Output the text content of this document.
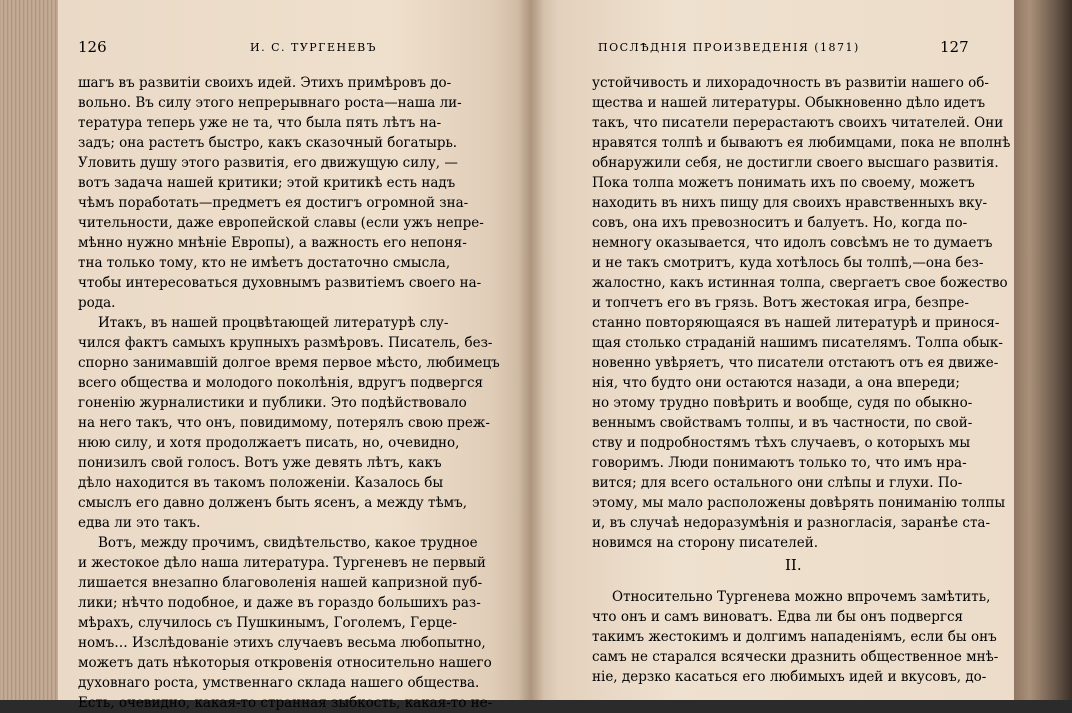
126	И. С. ТУРГЕНЕВЪ	ПОСЛѢДНІЯ ПРОИЗВЕДЕНІЯ (1871)	127
шагъ въ развитіи своихъ идей. Этихъ примѣровъ до-
вольно. Въ силу этого непрерывнаго роста—наша ли-
тература теперь уже не та, что была пять лѣтъ на-
задъ; она растетъ быстро, какъ сказочный богатырь.
Уловить душу этого развитія, его движущую силу, —
вотъ задача нашей критики; этой критикѣ есть надъ
чѣмъ поработать—предметъ ея достигъ огромной зна-
чительности, даже европейской славы (если ужъ непре-
мѣнно нужно мнѣніе Европы), а важность его непоня-
тна только тому, кто не имѣетъ достаточно смысла,
чтобы интересоваться духовнымъ развитіемъ своего на-
рода.
Итакъ, въ нашей процвѣтающей литературѣ слу-
чился фактъ самыхъ крупныхъ размѣровъ. Писатель, без-
спорно занимавшій долгое время первое мѣсто, любимецъ
всего общества и молодого поколѣнія, вдругъ подвергся
гоненію журналистики и публики. Это подѣйствовало
на него такъ, что онъ, повидимому, потерялъ свою преж-
нюю силу, и хотя продолжаетъ писать, но, очевидно,
понизилъ свой голосъ. Вотъ уже девять лѣтъ, какъ
дѣло находится въ такомъ положеніи. Казалось бы
смыслъ его давно долженъ быть ясенъ, а между тѣмъ,
едва ли это такъ.
Вотъ, между прочимъ, свидѣтельство, какое трудное
и жестокое дѣло наша литература. Тургеневъ не первый
лишается внезапно благоволенія нашей капризной пуб-
лики; нѣчто подобное, и даже въ гораздо большихъ раз-
мѣрахъ, случилось съ Пушкинымъ, Гоголемъ, Герце-
номъ… Изслѣдованіе этихъ случаевъ весьма любопытно,
можетъ дать нѣкоторыя откровенія относительно нашего
духовнаго роста, умственнаго склада нашего общества.
Есть, очевидно, какая-то странная зыбкость, какая-то не-
устойчивость и лихорадочность въ развитіи нашего об-
щества и нашей литературы. Обыкновенно дѣло идетъ
такъ, что писатели перерастаютъ своихъ читателей. Они
нравятся толпѣ и бываютъ ея любимцами, пока не вполнѣ
обнаружили себя, не достигли своего высшаго развитія.
Пока толпа можетъ понимать ихъ по своему, можетъ
находить въ нихъ пищу для своихъ нравственныхъ вку-
совъ, она ихъ превозноситъ и балуетъ. Но, когда по-
немногу оказывается, что идолъ совсѣмъ не то думаетъ
и не такъ смотритъ, куда хотѣлось бы толпѣ,—она без-
жалостно, какъ истинная толпа, свергаетъ свое божество
и топчетъ его въ грязь. Вотъ жестокая игра, безпре-
станно повторяющаяся въ нашей литературѣ и принося-
щая столько страданій нашимъ писателямъ. Толпа обык-
новенно увѣряетъ, что писатели отстаютъ отъ ея движе-
нія, что будто они остаются назади, а она впереди;
но этому трудно повѣрить и вообще, судя по обыкно-
веннымъ свойствамъ толпы, и въ частности, по свой-
ству и подробностямъ тѣхъ случаевъ, о которыхъ мы
говоримъ. Люди понимаютъ только то, что имъ нра-
вится; для всего остального они слѣпы и глухи. По-
этому, мы мало расположены довѣрять пониманію толпы
и, въ случаѣ недоразумѣнія и разногласія, заранѣе ста-
новимся на сторону писателей.
II.
Относительно Тургенева можно впрочемъ замѣтить,
что онъ и самъ виноватъ. Едва ли бы онъ подвергся
такимъ жестокимъ и долгимъ нападеніямъ, если бы онъ
самъ не старался всячески дразнить общественное мнѣ-
ніе, дерзко касаться его любимыхъ идей и вкусовъ, до-
